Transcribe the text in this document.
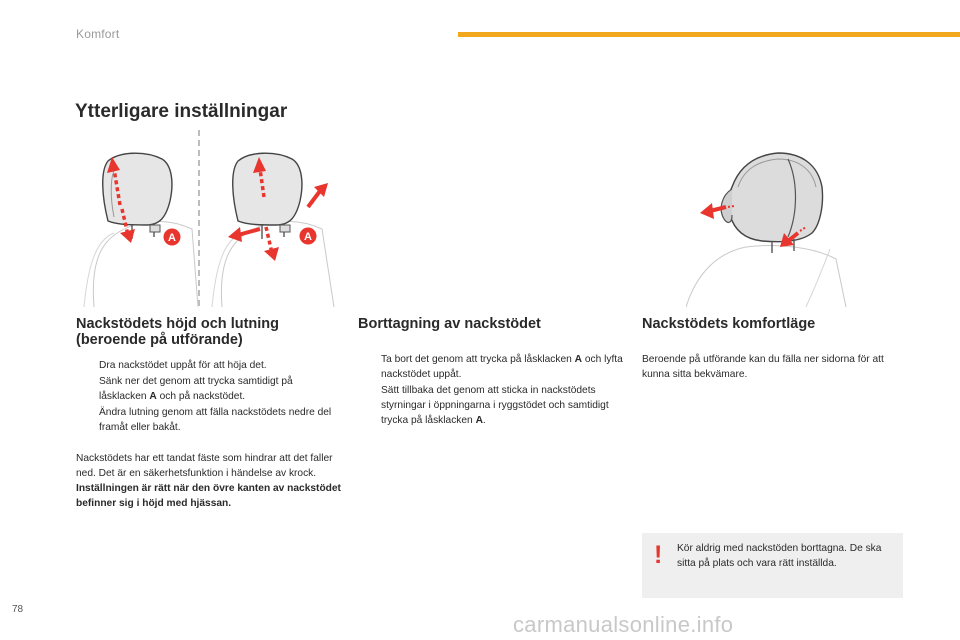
Komfort
Ytterligare inställningar
A	A
Nackstödets höjd och lutning
(beroende på utförande)
Dra nackstödet uppåt för att höja det.
Sänk ner det genom att trycka samtidigt på låsklacken A och på nackstödet.
Ändra lutning genom att fälla nackstödets nedre del framåt eller bakåt.

Nackstödets har ett tandat fäste som hindrar att det faller ned. Det är en säkerhetsfunktion i händelse av krock.

Inställningen är rätt när den övre kanten av nackstödet befinner sig i höjd med hjässan.

Borttagning av nackstödet
Ta bort det genom att trycka på låsklacken A och lyfta nackstödet uppåt.
Sätt tillbaka det genom att sticka in nackstödets styrningar i öppningarna i ryggstödet och samtidigt trycka på låsklacken A.
Nackstödets komfortläge

Beroende på utförande kan du fälla ner sidorna för att kunna sitta bekvämare.

! Kör aldrig med nackstöden borttagna. De ska sitta på plats och vara rätt inställda.

78
carmanualsonline.info
